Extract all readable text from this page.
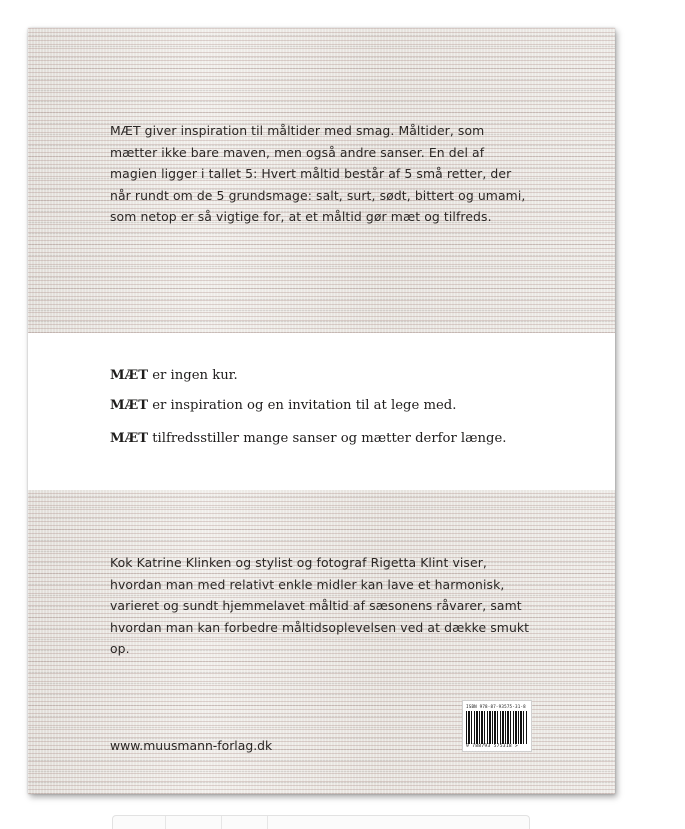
MÆT giver inspiration til måltider med smag. Måltider, som mætter ikke bare maven, men også andre sanser. En del af magien ligger i tallet 5: Hvert måltid består af 5 små retter, der når rundt om de 5 grundsmage: salt, surt, sødt, bittert og umami, som netop er så vigtige for, at et måltid gør mæt og tilfreds.

MÆT er ingen kur.

MÆT er inspiration og en invitation til at lege med.

MÆT tilfredsstiller mange sanser og mætter derfor længe.

Kok Katrine Klinken og stylist og fotograf Rigetta Klint viser, hvordan man med relativt enkle midler kan lave et harmonisk, varieret og sundt hjemmelavet måltid af sæsonens råvarer, samt hvordan man kan forbedre måltidsoplevelsen ved at dække smukt op.

www.muusmann-forlag.dk

ISBN 978-87-93575-31-8
9 788793 575318 >
